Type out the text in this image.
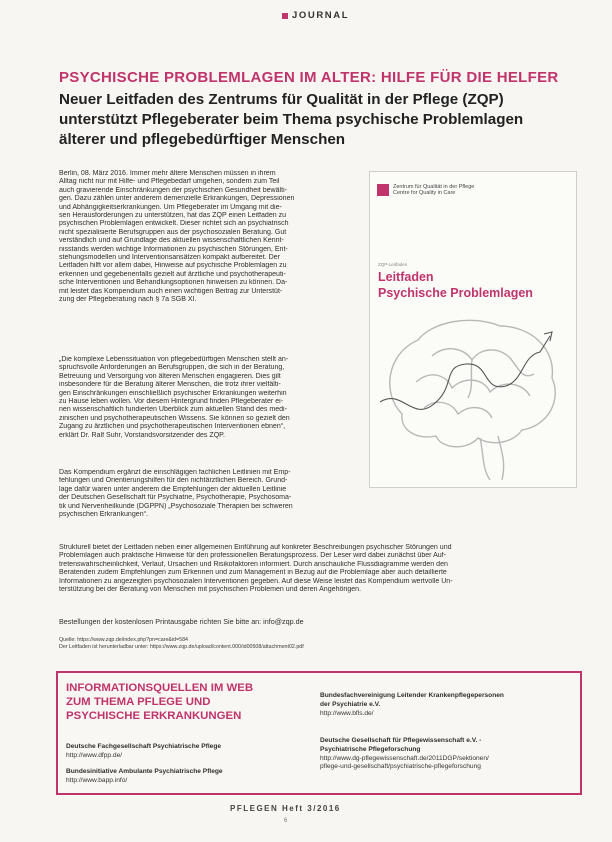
JOURNAL
PSYCHISCHE PROBLEMLAGEN IM ALTER: HILFE FÜR DIE HELFER
Neuer Leitfaden des Zentrums für Qualität in der Pflege (ZQP)
unterstützt Pflegeberater beim Thema psychische Problemlagen
älterer und pflegebedürftiger Menschen
Berlin, 08. März 2016. Immer mehr ältere Menschen müssen in ihrem
Alltag nicht nur mit Hilfe- und Pflegebedarf umgehen, sondern zum Teil
auch gravierende Einschränkungen der psychischen Gesundheit bewälti-
gen. Dazu zählen unter anderem demenzielle Erkrankungen, Depressionen
und Abhängigkeitserkrankungen. Um Pflegeberater im Umgang mit die-
sen Herausforderungen zu unterstützen, hat das ZQP einen Leitfaden zu
psychischen Problemlagen entwickelt. Dieser richtet sich an psychiatrisch
nicht spezialisierte Berufsgruppen aus der psychosozialen Beratung. Gut
verständlich und auf Grundlage des aktuellen wissenschaftlichen Kennt-
nisstands werden wichtige Informationen zu psychischen Störungen, Ent-
stehungsmodellen und Interventionsansätzen kompakt aufbereitet. Der
Leitfaden hilft vor allem dabei, Hinweise auf psychische Problemlagen zu
erkennen und gegebenenfalls gezielt auf ärztliche und psychotherapeuti-
sche Interventionen und Behandlungsoptionen hinweisen zu können. Da-
mit leistet das Kompendium auch einen wichtigen Beitrag zur Unterstüt-
zung der Pflegeberatung nach § 7a SGB XI.
„Die komplexe Lebenssituation von pflegebedürftigen Menschen stellt an-
spruchsvolle Anforderungen an Berufsgruppen, die sich in der Beratung,
Betreuung und Versorgung von älteren Menschen engagieren. Dies gilt
insbesondere für die Beratung älterer Menschen, die trotz ihrer vielfälti-
gen Einschränkungen einschließlich psychischer Erkrankungen weiterhin
zu Hause leben wollen. Vor diesem Hintergrund finden Pflegeberater ei-
nen wissenschaftlich fundierten Überblick zum aktuellen Stand des medi-
zinischen und psychotherapeutischen Wissens. Sie können so gezielt den
Zugang zu ärztlichen und psychotherapeutischen Interventionen ebnen“,
erklärt Dr. Ralf Suhr, Vorstandsvorsitzender des ZQP.
Das Kompendium ergänzt die einschlägigen fachlichen Leitlinien mit Emp-
fehlungen und Orientierungshilfen für den nichtärztlichen Bereich. Grund-
lage dafür waren unter anderem die Empfehlungen der aktuellen Leitlinie
der Deutschen Gesellschaft für Psychiatrie, Psychotherapie, Psychosoma-
tik und Nervenheilkunde (DGPPN) „Psychosoziale Therapien bei schweren
psychischen Erkrankungen“.
Zentrum für Qualität in der Pflege
Centre for Quality in Care
ZQP-Leitfaden
Leitfaden
Psychische Problemlagen
Strukturell bietet der Leitfaden neben einer allgemeinen Einführung auf konkreter Beschreibungen psychischer Störungen und
Problemlagen auch praktische Hinweise für den professionellen Beratungsprozess. Der Leser wird dabei zunächst über Auf-
tretenswahrscheinlichkeit, Verlauf, Ursachen und Risikofaktoren informiert. Durch anschauliche Flussdiagramme werden den
Beratenden zudem Empfehlungen zum Erkennen und zum Management in Bezug auf die Problemlage aber auch detaillierte
Informationen zu angezeigten psychosozialen Interventionen gegeben. Auf diese Weise leistet das Kompendium wertvolle Un-
terstützung bei der Beratung von Menschen mit psychischen Problemen und deren Angehörigen.
Bestellungen der kostenlosen Printausgabe richten Sie bitte an: info@zqp.de
Quelle: https://www.zqp.de/index.php?pn=care&id=584
Der Leitfaden ist herunterladbar unter: https://www.zqp.de/upload/content.000/id00508/attachment02.pdf
INFORMATIONSQUELLEN IM WEB
ZUM THEMA PFLEGE UND
PSYCHISCHE ERKRANKUNGEN
Deutsche Fachgesellschaft Psychiatrische Pflege
http://www.dfpp.de/
Bundesinitiative Ambulante Psychiatrische Pflege
http://www.bapp.info/
Bundesfachvereinigung Leitender Krankenpflegepersonen
der Psychiatrie e.V.
http://www.bfls.de/
Deutsche Gesellschaft für Pflegewissenschaft e.V. -
Psychiatrische Pflegeforschung
http://www.dg-pflegewissenschaft.de/2011DGP/sektionen/
pflege-und-gesellschaft/psychiatrische-pflegeforschung
PFLEGEN Heft 3/2016
6
